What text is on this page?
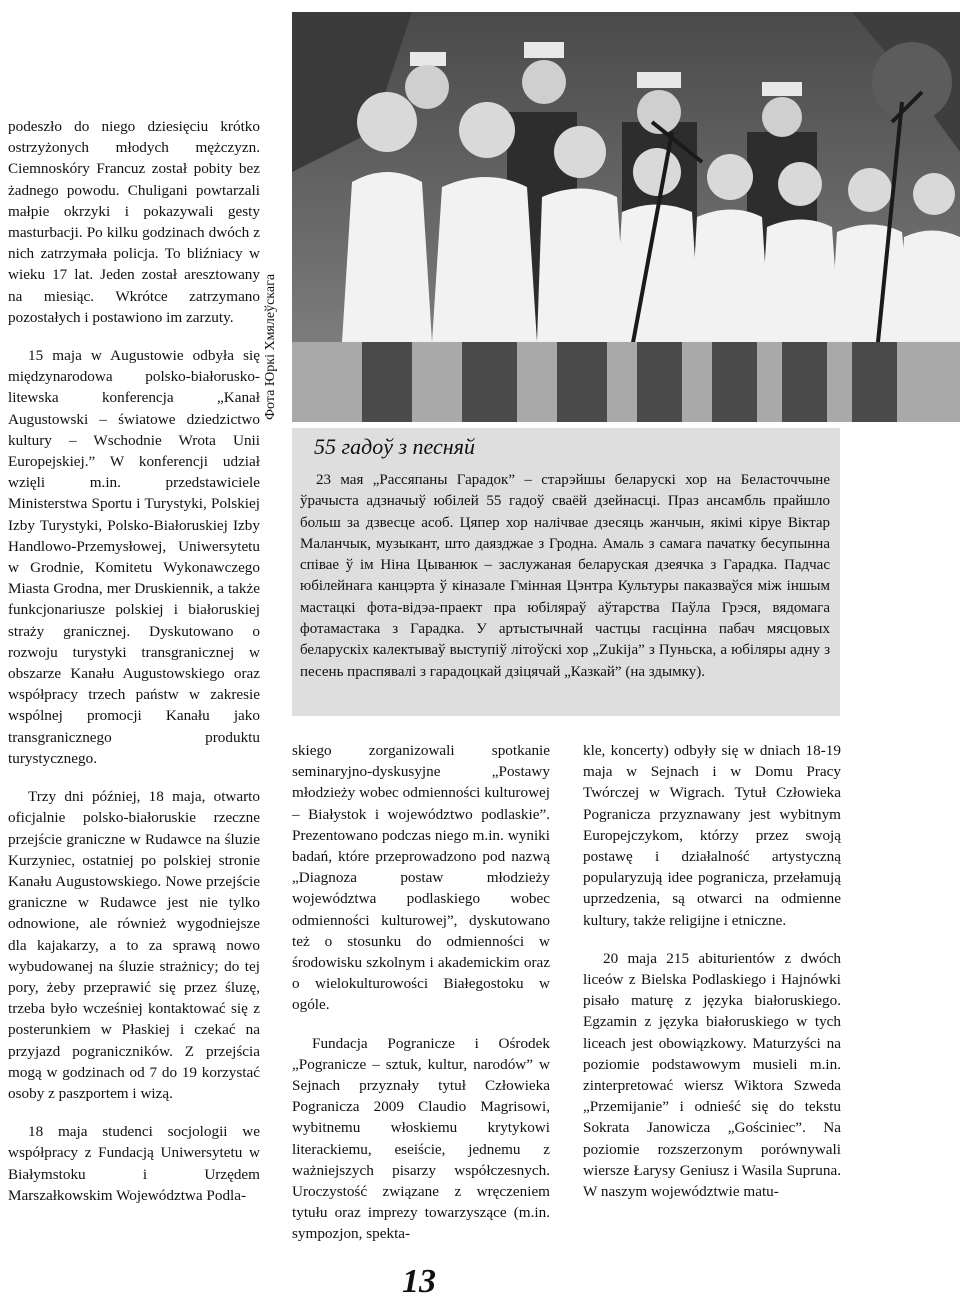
podeszło do niego dziesięciu krótko ostrzyżonych młodych mężczyzn. Ciemnoskóry Francuz został pobity bez żadnego powodu. Chuligani powtarzali małpie okrzyki i pokazywali gesty masturbacji. Po kilku godzinach dwóch z nich zatrzymała policja. To bliźniacy w wieku 17 lat. Jeden został aresztowany na miesiąc. Wkrótce zatrzymano pozostałych i postawiono im zarzuty.

15 maja w Augustowie odbyła się międzynarodowa polsko-białorusko-litewska konferencja „Kanał Augustowski – światowe dziedzictwo kultury – Wschodnie Wrota Unii Europejskiej.” W konferencji udział wzięli m.in. przedstawiciele Ministerstwa Sportu i Turystyki, Polskiej Izby Turystyki, Polsko-Białoruskiej Izby Handlowo-Przemysłowej, Uniwersytetu w Grodnie, Komitetu Wykonawczego Miasta Grodna, mer Druskiennik, a także funkcjonariusze polskiej i białoruskiej straży granicznej. Dyskutowano o rozwoju turystyki transgranicznej w obszarze Kanału Augustowskiego oraz współpracy trzech państw w zakresie wspólnej promocji Kanału jako transgranicznego produktu turystycznego.

Trzy dni później, 18 maja, otwarto oficjalnie polsko-białoruskie rzeczne przejście graniczne w Rudawce na śluzie Kurzyniec, ostatniej po polskiej stronie Kanału Augustowskiego. Nowe przejście graniczne w Rudawce jest nie tylko odnowione, ale również wygodniejsze dla kajakarzy, a to za sprawą nowo wybudowanej na śluzie strażnicy; do tej pory, żeby przeprawić się przez śluzę, trzeba było wcześniej kontaktować się z posterunkiem w Płaskiej i czekać na przyjazd pograniczników. Z przejścia mogą w godzinach od 7 do 19 korzystać osoby z paszportem i wizą.

18 maja studenci socjologii we współpracy z Fundacją Uniwersytetu w Białymstoku i Urzędem Marszałkowskim Województwa Podla-

Фота Юркі Хмялеўскага
55 гадоў з песняй

23 мая „Рассяпаны Гарадок” – старэйшы беларускі хор на Беласточчыне ўрачыста адзначыў юбілей 55 гадоў сваёй дзейнасці. Праз ансамбль прайшло больш за дзвесце асоб. Цяпер хор налічвае дзесяць жанчын, якімі кіруе Віктар Маланчык, музыкант, што даязджае з Гродна. Амаль з самага пачатку бесупынна співае ў ім Ніна Цыванюк – заслужаная беларуская дзеячка з Гарадка. Падчас юбілейнага канцэрта ў кіназале Гмінная Цэнтра Культуры паказваўся між іншым мастацкі фота-відэа-праект пра юбіляраў аўтарства Паўла Грэся, вядомага фотамастака з Гарадка. У артыстычнай частцы гасцінна пабач мясцовых беларускіх калектываў выступіў літоўскі хор „Zukija” з Пуньска, а юбіляры адну з песень праспявалі з гарадоцкай дзіцячай „Казкай” (на здымку).

skiego zorganizowali spotkanie seminaryjno-dyskusyjne „Postawy młodzieży wobec odmienności kulturowej – Białystok i województwo podlaskie”. Prezentowano podczas niego m.in. wyniki badań, które przeprowadzono pod nazwą „Diagnoza postaw młodzieży województwa podlaskiego wobec odmienności kulturowej”, dyskutowano też o stosunku do odmienności w środowisku szkolnym i akademickim oraz o wielokulturowości Białegostoku w ogóle.

Fundacja Pogranicze i Ośrodek „Pogranicze – sztuk, kultur, narodów” w Sejnach przyznały tytuł Człowieka Pogranicza 2009 Claudio Magrisowi, wybitnemu włoskiemu krytykowi literackiemu, eseiście, jednemu z ważniejszych pisarzy współczesnych. Uroczystość związane z wręczeniem tytułu oraz imprezy towarzyszące (m.in. sympozjon, spekta-

kle, koncerty) odbyły się w dniach 18-19 maja w Sejnach i w Domu Pracy Twórczej w Wigrach. Tytuł Człowieka Pogranicza przyznawany jest wybitnym Europejczykom, którzy przez swoją postawę i działalność artystyczną popularyzują idee pogranicza, przełamują uprzedzenia, są otwarci na odmienne kultury, także religijne i etniczne.

20 maja 215 abiturientów z dwóch liceów z Bielska Podlaskiego i Hajnówki pisało maturę z języka białoruskiego. Egzamin z języka białoruskiego w tych liceach jest obowiązkowy. Maturzyści na poziomie podstawowym musieli m.in. zinterpretować wiersz Wiktora Szweda „Przemijanie” i odnieść się do tekstu Sokrata Janowicza „Gościniec”. Na poziomie rozszerzonym porównywali wiersze Łarysy Geniusz i Wasila Supruna. W naszym województwie matu-

13
